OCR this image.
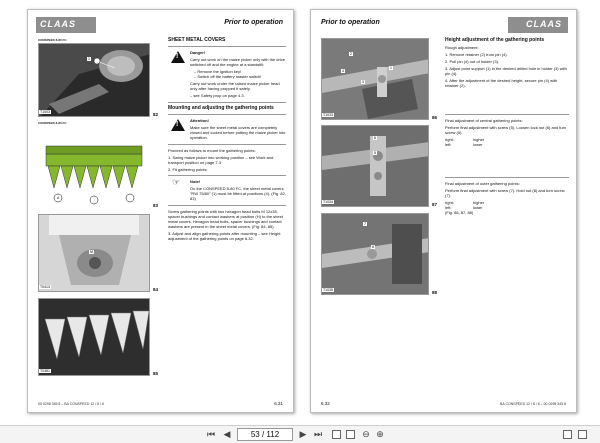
CLAAS	Prior to operation
CONSPEED 8-80 FC
1
T1003	82
CONSPEED 8-80 FC
A
83
M
T0413	84
T0381	85
SHEET METAL COVERS
!
Danger!
Carry out work on the maize picker only with the drive switched off and the engine at a standstill:
– Remove the ignition key!
– Switch off the battery master switch!
Carry out work under the raised maize picker head only after having propped it safely.
– see Safety prop on page 4.3.
Mounting and adjusting the gathering points
!
Attention!
Make sure the sheet metal covers are completely closed and locked before putting the maize picker into operation.
Proceed as follows to mount the gathering points:
1. Swing maize picker into working position – see Work and transport position on page 7.3
2. Fit gathering points:
☞ Note!
On the CONSPEED 8-80 FC, the sheet metal covers "RW 75/80" (1) must be fitted at positions (4). (Fig. 82, 83)
Screw gathering points with two hexagon head bolts M 12x35, spacer bushings and contact washers at position (H) to the sheet metal covers. Hexagon head bolts, spacer bushings and contact washers are present in the sheet metal covers. (Fig. 84, 85)
3. Adjust and align gathering points after mounting – see Height adjustment of the gathering points on page 6.32.
00 0298 345 8 – BA CONSPEED 12 / 8 / 6	6.31
Prior to operation	CLAAS
2
4
3
1
T1033	86
6
5
T1034	87
7
8
T1035	88
Height adjustment of the gathering points
Rough adjustment:
1. Remove retainer (2) from pin (4).
2. Pull pin (4) out of holder (3).
3. Adjust point support (1) in the desired drilled hole in holder (3) with pin (4).
4. After the adjustment of the desired height, secure pin (4) with retainer (2).
Final adjustment of central gathering points:
Perform final adjustment with screw (5). Loosen lock nut (6) and turn screw (5).
right:	higher
left:	lower
Final adjustment of outer gathering points:
Perform final adjustment with screw (7). Hold nut (8) and turn screw (7).
right:	higher
left:	lower
(Fig. 86, 87, 88)
6.32	BA CONSPEED 12 / 8 / 6 – 00 0298 345 8
⏮ ◀	53 / 112	▶ ⏭	⊖ ⊕
